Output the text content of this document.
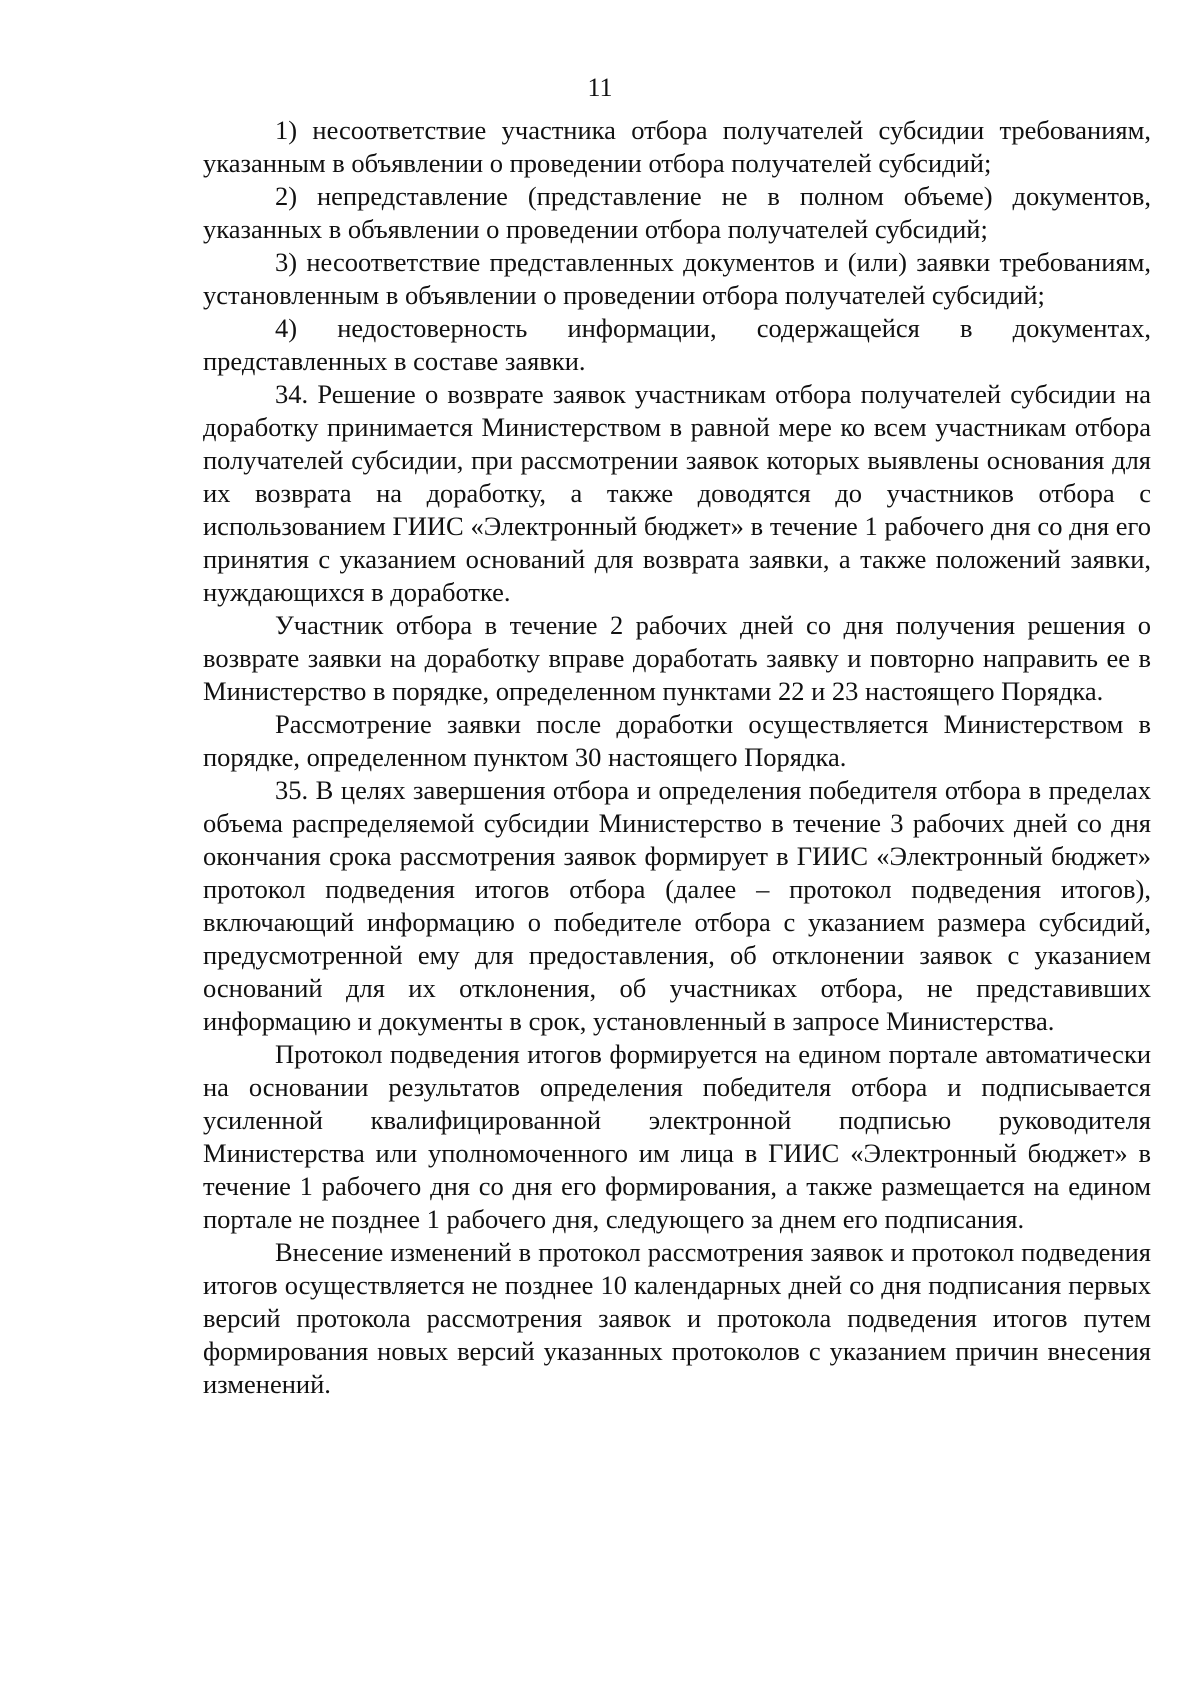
11

1) несоответствие участника отбора получателей субсидии требованиям, указанным в объявлении о проведении отбора получателей субсидий;

2) непредставление (представление не в полном объеме) документов, указанных в объявлении о проведении отбора получателей субсидий;

3) несоответствие представленных документов и (или) заявки требованиям, установленным в объявлении о проведении отбора получателей субсидий;

4) недостоверность информации, содержащейся в документах, представленных в составе заявки.

34. Решение о возврате заявок участникам отбора получателей субсидии на доработку принимается Министерством в равной мере ко всем участникам отбора получателей субсидии, при рассмотрении заявок которых выявлены основания для их возврата на доработку, а также доводятся до участников отбора с использованием ГИИС «Электронный бюджет» в течение 1 рабочего дня со дня его принятия с указанием оснований для возврата заявки, а также положений заявки, нуждающихся в доработке.

Участник отбора в течение 2 рабочих дней со дня получения решения о возврате заявки на доработку вправе доработать заявку и повторно направить ее в Министерство в порядке, определенном пунктами 22 и 23 настоящего Порядка.

Рассмотрение заявки после доработки осуществляется Министерством в порядке, определенном пунктом 30 настоящего Порядка.

35. В целях завершения отбора и определения победителя отбора в пределах объема распределяемой субсидии Министерство в течение 3 рабочих дней со дня окончания срока рассмотрения заявок формирует в ГИИС «Электронный бюджет» протокол подведения итогов отбора (далее – протокол подведения итогов), включающий информацию о победителе отбора с указанием размера субсидий, предусмотренной ему для предоставления, об отклонении заявок с указанием оснований для их отклонения, об участниках отбора, не представивших информацию и документы в срок, установленный в запросе Министерства.

Протокол подведения итогов формируется на едином портале автоматически на основании результатов определения победителя отбора и подписывается усиленной квалифицированной электронной подписью руководителя Министерства или уполномоченного им лица в ГИИС «Электронный бюджет» в течение 1 рабочего дня со дня его формирования, а также размещается на едином портале не позднее 1 рабочего дня, следующего за днем его подписания.

Внесение изменений в протокол рассмотрения заявок и протокол подведения итогов осуществляется не позднее 10 календарных дней со дня подписания первых версий протокола рассмотрения заявок и протокола подведения итогов путем формирования новых версий указанных протоколов с указанием причин внесения изменений.
